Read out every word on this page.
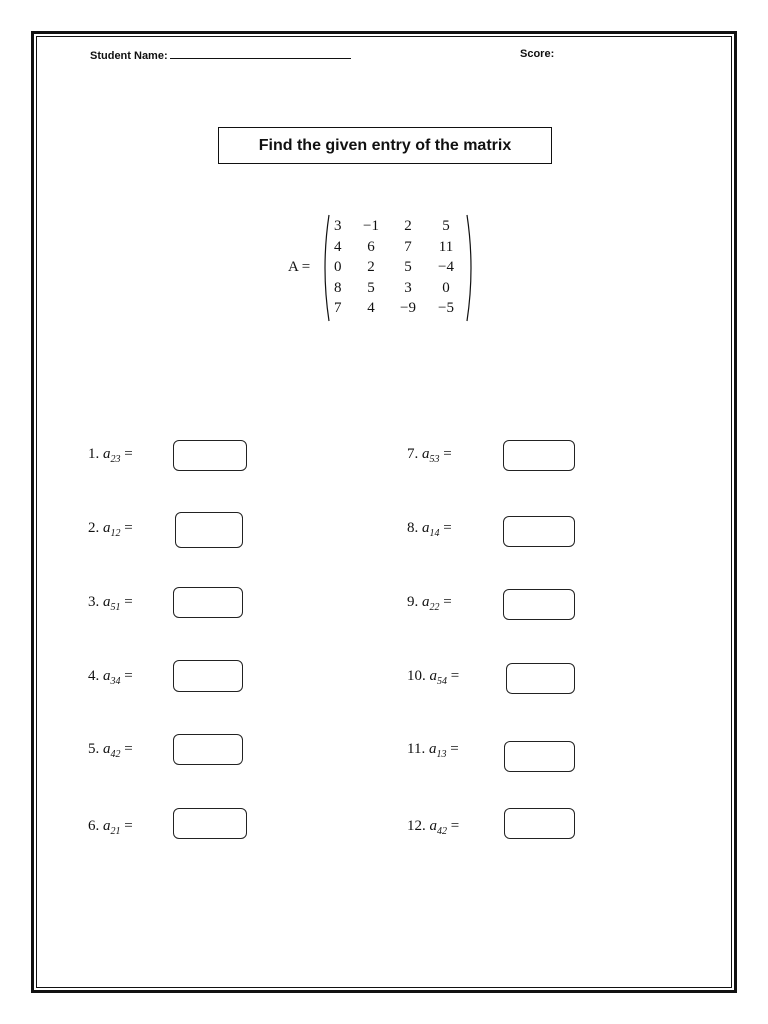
Student Name:	Score:
Find the given entry of the matrix
A =
3	−1	2	5
4	6	7	11
0	2	5	−4
8	5	3	0
7	4	−9	−5
1. $a_{23}$ =
2. $a_{12}$ =
3. $a_{51}$ =
4. $a_{34}$ =
5. $a_{42}$ =
6. $a_{21}$ =
7. $a_{53}$ =
8. $a_{14}$ =
9. $a_{22}$ =
10. $a_{54}$ =
11. $a_{13}$ =
12. $a_{42}$ =
